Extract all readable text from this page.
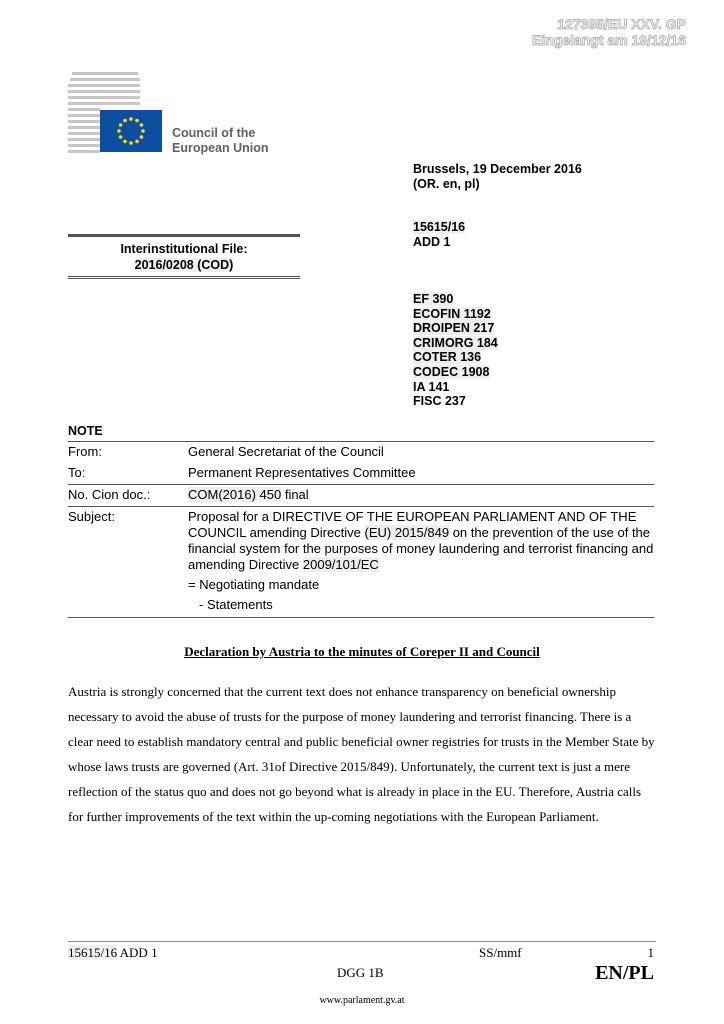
127395/EU XXV. GP
Eingelangt am 19/12/16
Council of the
European Union
Brussels, 19 December 2016
(OR. en, pl)
15615/16
ADD 1
EF 390
ECOFIN 1192
DROIPEN 217
CRIMORG 184
COTER 136
CODEC 1908
IA 141
FISC 237
Interinstitutional File:
2016/0208 (COD)
NOTE
From:	General Secretariat of the Council
To:	Permanent Representatives Committee
No. Cion doc.:	COM(2016) 450 final
Subject:	Proposal for a DIRECTIVE OF THE EUROPEAN PARLIAMENT AND OF THE COUNCIL amending Directive (EU) 2015/849 on the prevention of the use of the financial system for the purposes of money laundering and terrorist financing and amending Directive 2009/101/EC
= Negotiating mandate
- Statements
Declaration by Austria to the minutes of Coreper II and Council
Austria is strongly concerned that the current text does not enhance transparency on beneficial ownership necessary to avoid the abuse of trusts for the purpose of money laundering and terrorist financing. There is a clear need to establish mandatory central and public beneficial owner registries for trusts in the Member State by whose laws trusts are governed (Art. 31of Directive 2015/849). Unfortunately, the current text is just a mere reflection of the status quo and does not go beyond what is already in place in the EU. Therefore, Austria calls for further improvements of the text within the up-coming negotiations with the European Parliament.
15615/16 ADD 1	SS/mmf	1
DGG 1B	EN/PL
www.parlament.gv.at
